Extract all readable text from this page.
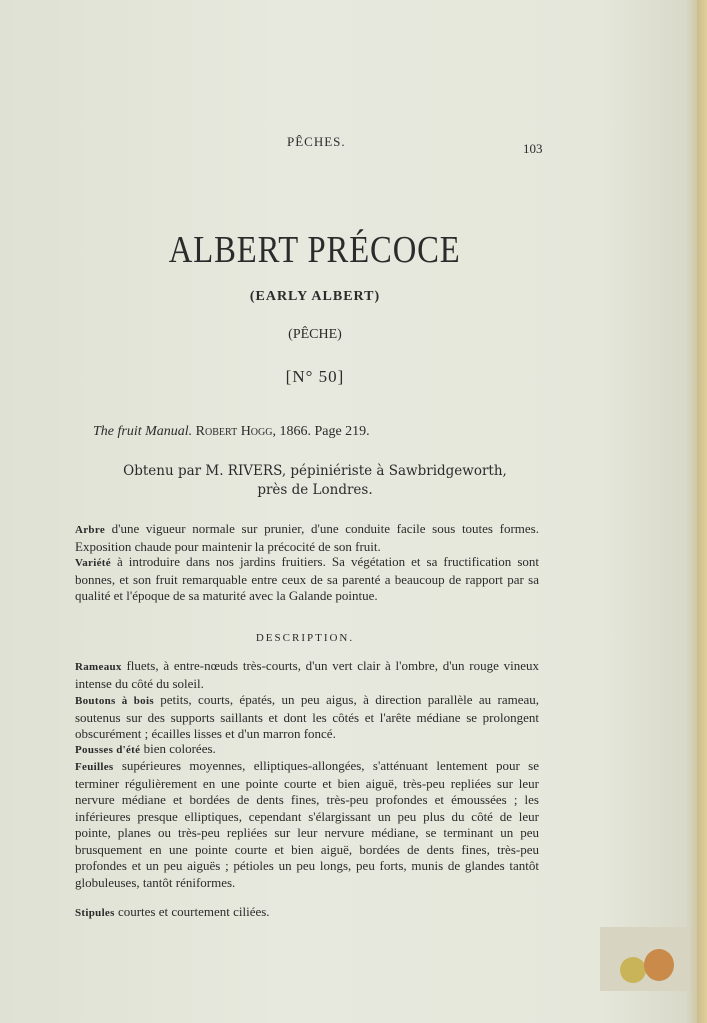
PÊCHES.	103
ALBERT PRÉCOCE
(EARLY ALBERT)
(PÊCHE)
[N° 50]
The fruit Manual. Robert Hogg, 1866. Page 219.
Obtenu par M. RIVERS, pépiniériste à Sawbridgeworth, près de Londres.
Arbre d'une vigueur normale sur prunier, d'une conduite facile sous toutes formes. Exposition chaude pour maintenir la précocité de son fruit.
Variété à introduire dans nos jardins fruitiers. Sa végétation et sa fructification sont bonnes, et son fruit remarquable entre ceux de sa parenté a beaucoup de rapport par sa qualité et l'époque de sa maturité avec la Galande pointue.
DESCRIPTION.
Rameaux fluets, à entre-nœuds très-courts, d'un vert clair à l'ombre, d'un rouge vineux intense du côté du soleil.
Boutons à bois petits, courts, épatés, un peu aigus, à direction parallèle au rameau, soutenus sur des supports saillants et dont les côtés et l'arête médiane se prolongent obscurément ; écailles lisses et d'un marron foncé.
Pousses d'été bien colorées.
Feuilles supérieures moyennes, elliptiques-allongées, s'atténuant lentement pour se terminer régulièrement en une pointe courte et bien aiguë, très-peu repliées sur leur nervure médiane et bordées de dents fines, très-peu profondes et émoussées ; les inférieures presque elliptiques, cependant s'élargissant un peu plus du côté de leur pointe, planes ou très-peu repliées sur leur nervure médiane, se terminant un peu brusquement en une pointe courte et bien aiguë, bordées de dents fines, très-peu profondes et un peu aiguës ; pétioles un peu longs, peu forts, munis de glandes tantôt globuleuses, tantôt réniformes.
Stipules courtes et courtement ciliées.
